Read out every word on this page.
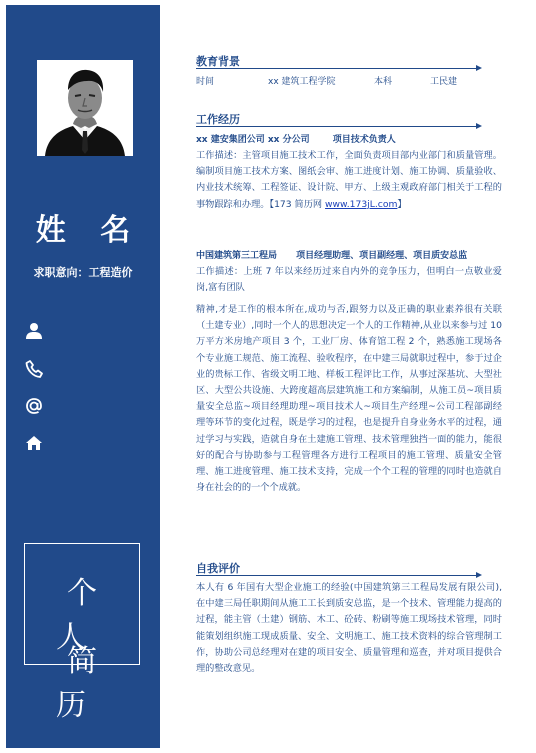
姓 名
求职意向：工程造价
个人
简历
教育背景
时间	xx 建筑工程学院	本科	工民建
工作经历
xx 建安集团公司 xx 分公司	项目技术负责人
工作描述：主管项目施工技术工作，全面负责项目部内业部门和质量管理。编制项目施工技术方案、图纸会审、施工进度计划、施工协调、质量验收、内业技术统筹、工程签证、设计院、甲方、上级主观政府部门相关于工程的事物跟踪和办理。【173 简历网 www.173jL.com】
中国建筑第三工程局 项目经理助理、项目副经理、项目质安总监
工作描述：上班 7 年以来经历过来自内外的竞争压力，但明白一点敬业爱岗,富有团队
精神,才是工作的根本所在,成功与否,跟努力以及正确的职业素养很有关联（土建专业）,同时一个人的思想决定一个人的工作精神,从业以来参与过 10 万平方米房地产项目 3 个，工业厂房、体育馆工程 2 个，熟悉施工现场各个专业施工规范、施工流程、验收程序，在中建三局就职过程中，参于过企业的贵标工作、省级文明工地、样板工程评比工作，从事过深基坑、大型社区、大型公共设施、大跨度超高层建筑施工和方案编制，从施工员~项目质量安全总监~项目经理助理~项目技术人~项目生产经理~公司工程部副经理等环节的变化过程，既是学习的过程，也是提升自身业务水平的过程，通过学习与实践，造就自身在土建施工管理、技术管理独挡一面的能力，能很好的配合与协助参与工程管理各方进行工程项目的施工管理、质量安全管理、施工进度管理、施工技术支持，完成一个个工程的管理的同时也造就自身在社会的的一个个成就。
自我评价
本人有 6 年国有大型企业施工的经验(中国建筑第三工程局发展有限公司),在中建三局任职期间从施工工长到质安总监，是一个技术、管理能力提高的过程，能主管（土建）钢筋、木工、砼砖、粉刷等施工现场技术管理，同时能策划组织施工现成质量、安全、文明施工、施工技术资料的综合管理制工作，协助公司总经理对在建的项目安全、质量管理和巡查，并对项目提供合理的整改意见。
